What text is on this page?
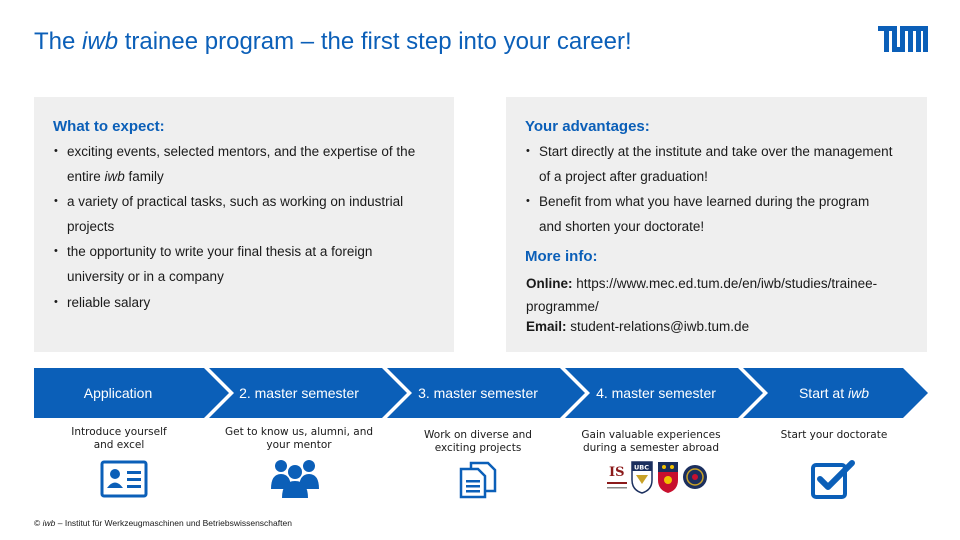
The iwb trainee program – the first step into your career!
What to expect:
• exciting events, selected mentors, and the expertise of the
entire iwb family
• a variety of practical tasks, such as working on industrial
projects
• the opportunity to write your final thesis at a foreign
university or in a company
• reliable salary
Your advantages:
• Start directly at the institute and take over the management
of a project after graduation!
• Benefit from what you have learned during the program
and shorten your doctorate!
More info:
Online: https://www.mec.ed.tum.de/en/iwb/studies/trainee-
programme/
Email: student-relations@iwb.tum.de
Application	2. master semester	3. master semester	4. master semester	Start at iwb
Introduce yourself
and excel
Get to know us, alumni, and
your mentor
Work on diverse and
exciting projects
Gain valuable experiences
during a semester abroad
Start your doctorate
IS UBC
© iwb – Institut für Werkzeugmaschinen und Betriebswissenschaften
